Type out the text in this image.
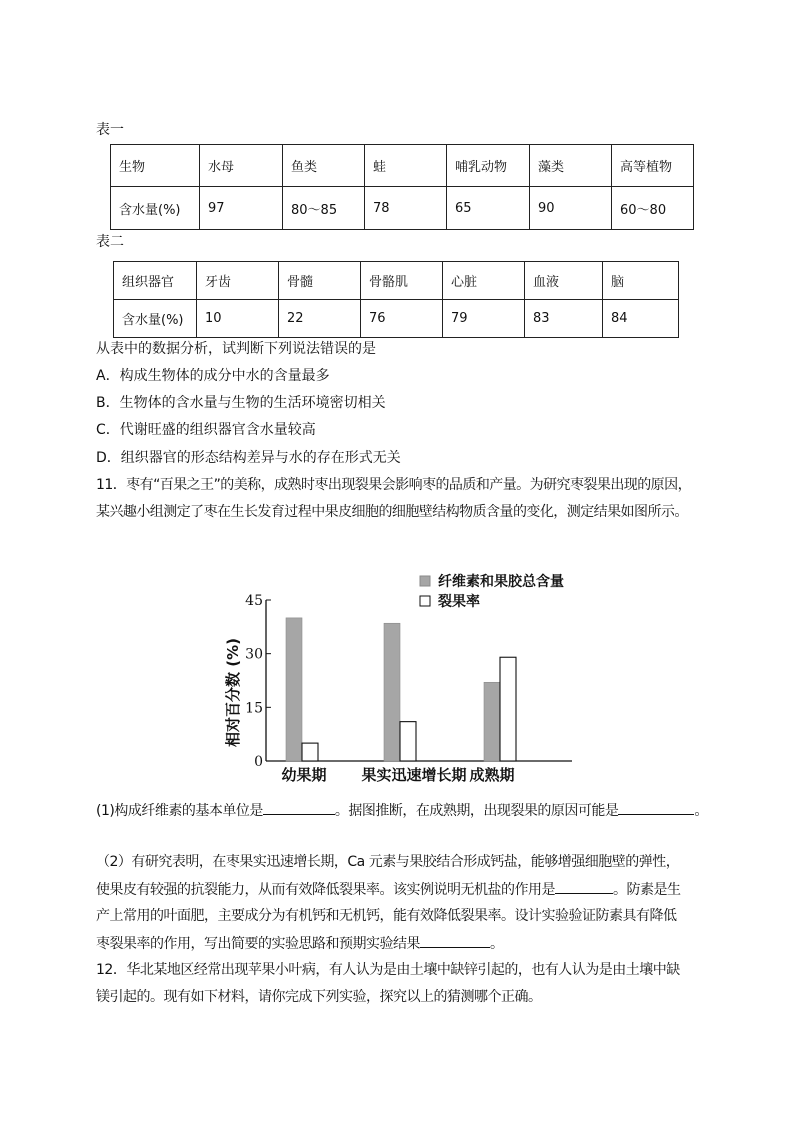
表一
生物	水母	鱼类	蛙	哺乳动物	藻类	高等植物
含水量(%)	97	80～85	78	65	90	60～80
表二
组织器官	牙齿	骨髓	骨骼肌	心脏	血液	脑
含水量(%)	10	22	76	79	83	84
从表中的数据分析，试判断下列说法错误的是
A．构成生物体的成分中水的含量最多
B．生物体的含水量与生物的生活环境密切相关
C．代谢旺盛的组织器官含水量较高
D．组织器官的形态结构差异与水的存在形式无关
11．枣有“百果之王”的美称，成熟时枣出现裂果会影响枣的品质和产量。为研究枣裂果出现的原因，
某兴趣小组测定了枣在生长发育过程中果皮细胞的细胞壁结构物质含量的变化，测定结果如图所示。
0
15
30
45
相对百分数 (%)
幼果期 果实迅速增长期 成熟期
纤维素和果胶总含量
裂果率
(1)构成纤维素的基本单位是	。据图推断，在成熟期，出现裂果的原因可能是	。
（2）有研究表明，在枣果实迅速增长期，Ca 元素与果胶结合形成钙盐，能够增强细胞壁的弹性，
使果皮有较强的抗裂能力，从而有效降低裂果率。该实例说明无机盐的作用是	。防素是生
产上常用的叶面肥，主要成分为有机钙和无机钙，能有效降低裂果率。设计实验验证防素具有降低
枣裂果率的作用，写出简要的实验思路和预期实验结果	。
12．华北某地区经常出现苹果小叶病，有人认为是由土壤中缺锌引起的，也有人认为是由土壤中缺
镁引起的。现有如下材料，请你完成下列实验，探究以上的猜测哪个正确。
